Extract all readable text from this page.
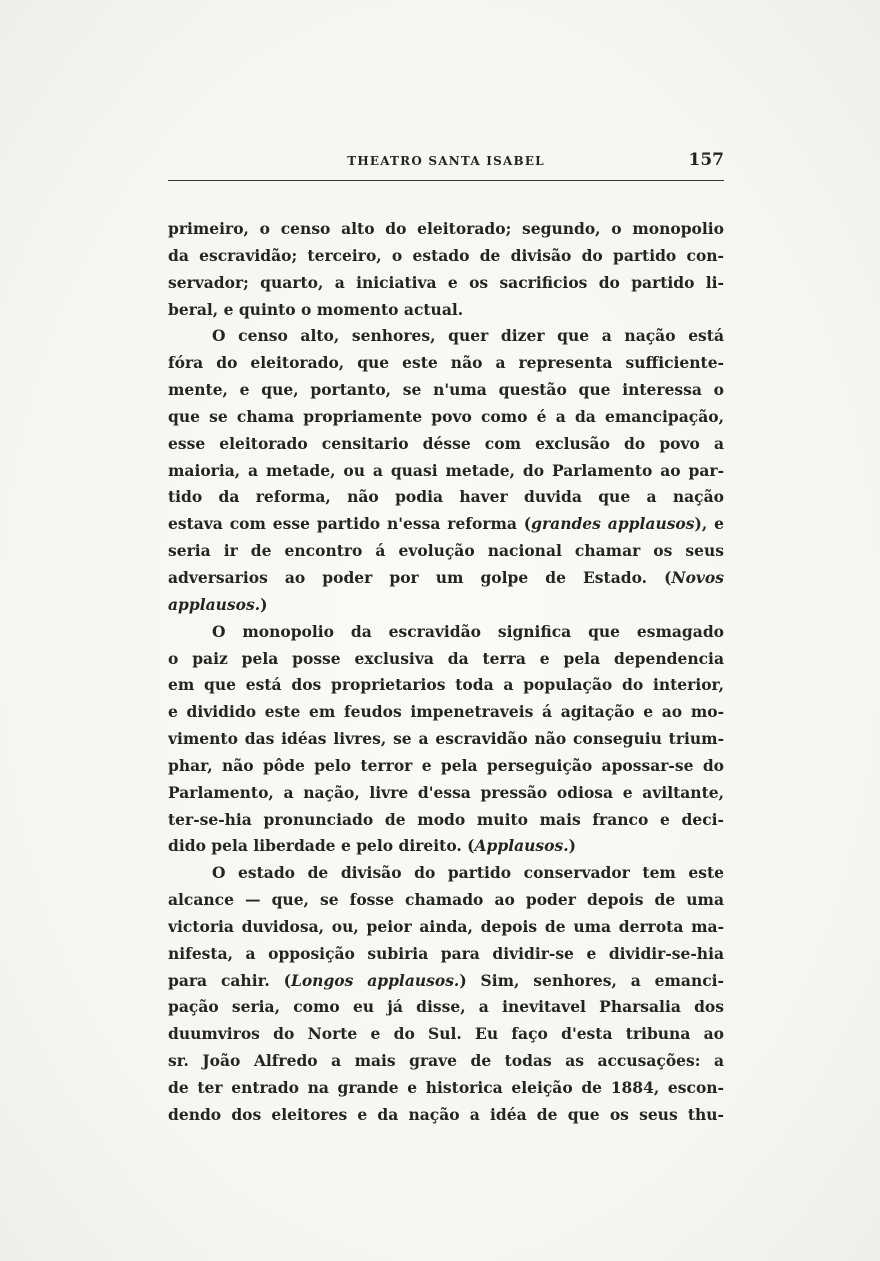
THEATRO SANTA ISABEL	157
primeiro, o censo alto do eleitorado; segundo, o monopolio
da escravidão; terceiro, o estado de divisão do partido con-
servador; quarto, a iniciativa e os sacrificios do partido li-
beral, e quinto o momento actual.
O censo alto, senhores, quer dizer que a nação está
fóra do eleitorado, que este não a representa sufficiente-
mente, e que, portanto, se n'uma questão que interessa o
que se chama propriamente povo como é a da emancipação,
esse eleitorado censitario désse com exclusão do povo a
maioria, a metade, ou a quasi metade, do Parlamento ao par-
tido da reforma, não podia haver duvida que a nação
estava com esse partido n'essa reforma (grandes applausos), e
seria ir de encontro á evolução nacional chamar os seus
adversarios ao poder por um golpe de Estado. (Novos
applausos.)
O monopolio da escravidão significa que esmagado
o paiz pela posse exclusiva da terra e pela dependencia
em que está dos proprietarios toda a população do interior,
e dividido este em feudos impenetraveis á agitação e ao mo-
vimento das idéas livres, se a escravidão não conseguiu trium-
phar, não pôde pelo terror e pela perseguição apossar-se do
Parlamento, a nação, livre d'essa pressão odiosa e aviltante,
ter-se-hia pronunciado de modo muito mais franco e deci-
dido pela liberdade e pelo direito. (Applausos.)
O estado de divisão do partido conservador tem este
alcance — que, se fosse chamado ao poder depois de uma
victoria duvidosa, ou, peior ainda, depois de uma derrota ma-
nifesta, a opposição subiria para dividir-se e dividir-se-hia
para cahir. (Longos applausos.) Sim, senhores, a emanci-
pação seria, como eu já disse, a inevitavel Pharsalia dos
duumviros do Norte e do Sul. Eu faço d'esta tribuna ao
sr. João Alfredo a mais grave de todas as accusações: a
de ter entrado na grande e historica eleição de 1884, escon-
dendo dos eleitores e da nação a idéa de que os seus thu-
